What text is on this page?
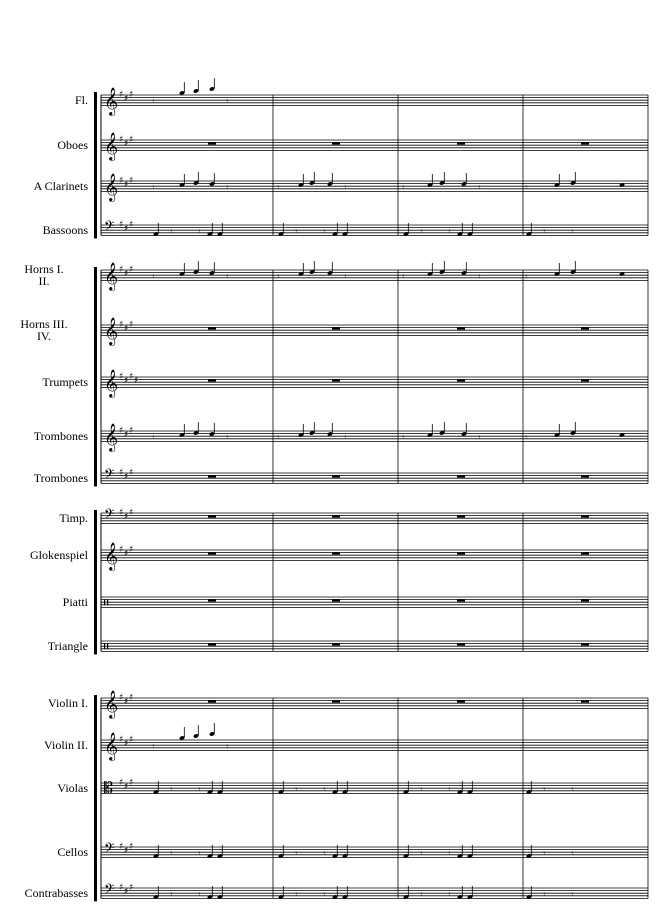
𝄞 ♯ ♯ ♯
𝄞 ♯ ♯ ♯
𝄞 ♯ ♯ ♯
𝄢 ♯ ♯ ♯
𝄞 ♯ ♯ ♯
𝄞 ♯ ♯ ♯
𝄞 ♯ ♯ ♯ ♯
𝄞 ♯ ♯ ♯
𝄢 ♯ ♯ ♯
𝄢 ♯ ♯ ♯
𝄞 ♯ ♯ ♯
𝄞 ♯ ♯ ♯
𝄞 ♯ ♯ ♯
𝄡 ♯ ♯ ♯
𝄢 ♯ ♯ ♯
𝄢 ♯ ♯ ♯
𝄾	𝄾
𝄾	𝄾	𝄾	𝄾	𝄾	𝄾	𝄾
𝄾	𝄾	𝄾	𝄾	𝄾	𝄾	𝄾
𝄾	𝄾	𝄾	𝄾	𝄾	𝄾	𝄾
𝄾	𝄾
𝄾	𝄾	𝄾	𝄾	𝄾	𝄾	𝄾	𝄾
𝄾	𝄾	𝄾	𝄾	𝄾	𝄾	𝄾	𝄾
𝄾	𝄾	𝄾	𝄾	𝄾	𝄾	𝄾	𝄾
𝄾	𝄾	𝄾	𝄾	𝄾	𝄾	𝄾	𝄾
Fl.
Oboes
A Clarinets
Bassoons
Horns I.
II.
Horns III.
IV.
Trumpets
Trombones
Trombones
Timp.
Glokenspiel
Piatti
Triangle
Violin I.
Violin II.
Violas
Cellos
Contrabasses
